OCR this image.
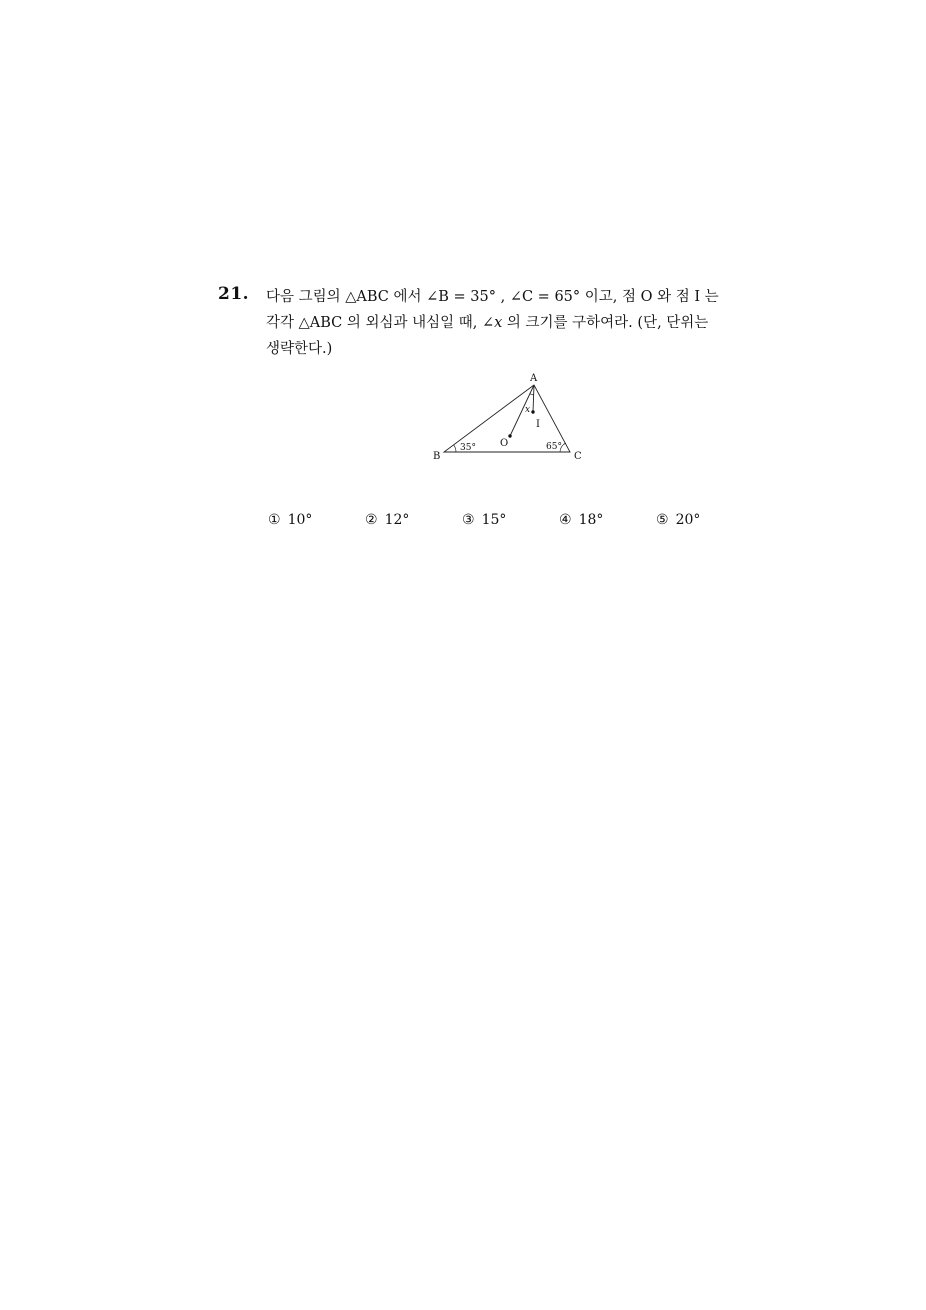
21. 다음 그림의 △ABC 에서 ∠B = 35° , ∠C = 65° 이고, 점 O 와 점 I 는
각각 △ABC 의 외심과 내심일 때, ∠𝑥 의 크기를 구하여라. (단, 단위는
생략한다.)
A
B	C
O
I
35°	65°
x
① 10°	② 12°	③ 15°	④ 18°	⑤ 20°
